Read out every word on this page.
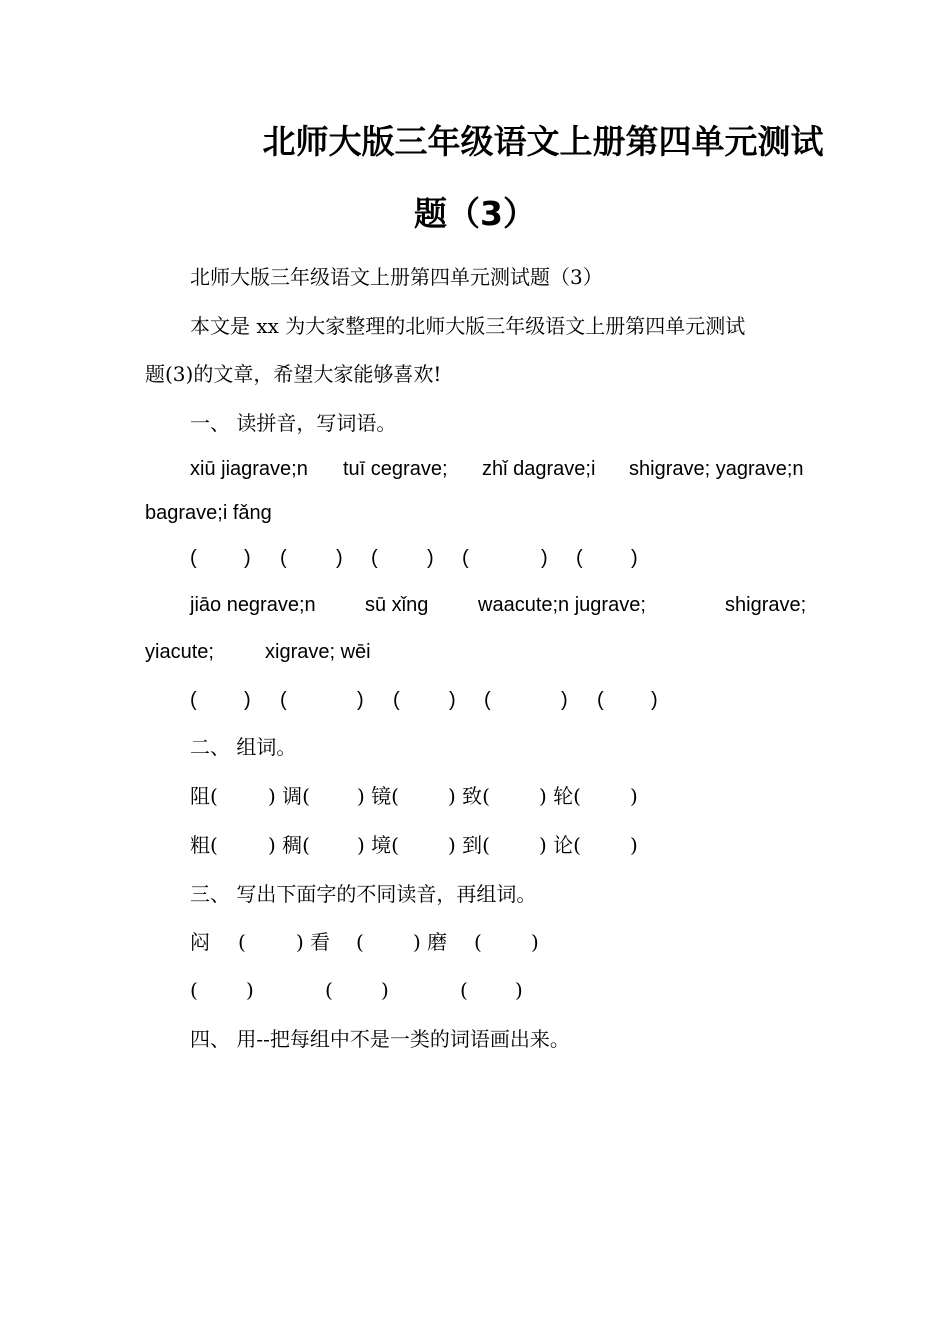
北师大版三年级语文上册第四单元测试
题（3）
北师大版三年级语文上册第四单元测试题（3）
本文是 xx 为大家整理的北师大版三年级语文上册第四单元测试
题(3)的文章，希望大家能够喜欢!
一、 读拼音，写词语。
xiū jiagrave;n tuī cegrave; zhǐ dagrave;i shigrave; yagrave;n
bagrave;i fǎng
( ) ( ) ( ) (	) ( )
jiāo negrave;n sū xǐng waacute;n jugrave;	shigrave;
yiacute;	xigrave; wēi
( ) (	) ( ) (	) ( )
二、 组词。
阻(	) 调( ) 镜( ) 致( ) 轮( )
粗(	) 稠( ) 境( ) 到( ) 论( )
三、 写出下面字的不同读音，再组词。
闷 (	) 看 ( ) 磨 ( )
( )	( )	( )
四、 用--把每组中不是一类的词语画出来。
